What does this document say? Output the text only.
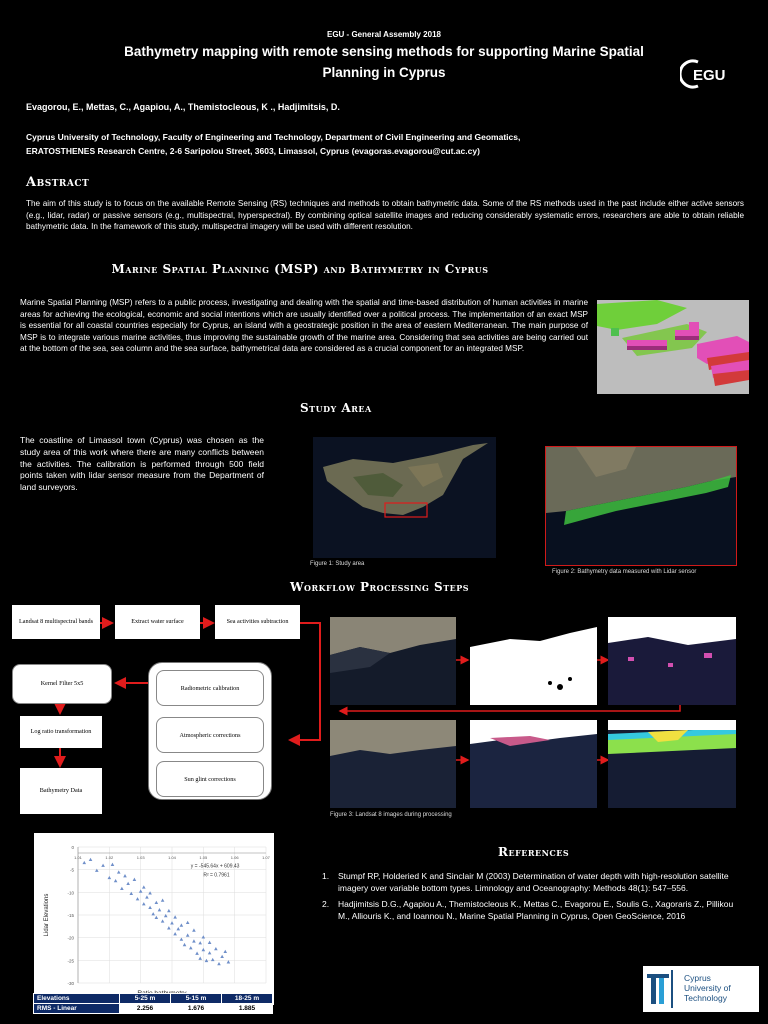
EGU - General Assembly 2018
Bathymetry mapping with remote sensing methods for supporting Marine Spatial Planning in Cyprus	EGU
Evagorou, E., Mettas, C., Agapiou, A., Themistocleous, K ., Hadjimitsis, D.
Cyprus University of Technology, Faculty of Engineering and Technology, Department of Civil Engineering and Geomatics,
ERATOSTHENES Research Centre, 2-6 Saripolou Street, 3603, Limassol, Cyprus (evagoras.evagorou@cut.ac.cy)
Abstract
The aim of this study is to focus on the available Remote Sensing (RS) techniques and methods to obtain bathymetric data. Some of the RS methods used in the past include either active sensors (e.g., lidar, radar) or passive sensors (e.g., multispectral, hyperspectral). By combining optical satellite images and reducing considerably systematic errors, researchers are able to obtain reliable bathymetric data. In the framework of this study, multispectral imagery will be used with different resolution.
Marine Spatial Planning (MSP) and Bathymetry in Cyprus
Marine Spatial Planning (MSP) refers to a public process, investigating and dealing with the spatial and time-based distribution of human activities in marine areas for achieving the ecological, economic and social intentions which are usually identified over a political process. The implementation of an exact MSP is essential for all coastal countries especially for Cyprus, an island with a geostrategic position in the area of eastern Mediterranean. The main purpose of MSP is to integrate various marine activities, thus improving the sustainable growth of the marine area. Considering that sea activities are being carried out at the bottom of the sea, sea column and the sea surface, bathymetrical data are considered as a crucial component for an integrated MSP.
Study Area
The coastline of Limassol town (Cyprus) was chosen as the study area of this work where there are many conflicts between the activities. The calibration is performed through 500 field points taken with lidar sensor measure from the Department of land surveyors.
Figure 1: Study area
Figure 2: Bathymetry data measured with Lidar sensor
Workflow Processing Steps
Landsat 8 multispectral bands	Extract water surface	Sea activities subtraction
Kernel Filter 5x5
Log ratio transformation
Bathymetry Data
Radiometric calibration
Atmospheric corrections
Sun glint corrections
Figure 3: Landsat 8 images during processing
0
-5
-10
-15
-20
-25
-30
1.01	1.02	1.03	1.04	1.05	1.06	1.07
y = -545.64x + 609.43
R² = 0.7961
Lidar Elevations
Elevations	5-25 m	5-15 m	18-25 m
RMS - Linear	2.256	1.676	1.885
References
1.	Stumpf RP, Holderied K and Sinclair M (2003) Determination of water depth with high-resolution satellite imagery over variable bottom types. Limnology and Oceanography: Methods 48(1): 547–556.
2.	Hadjimitsis D.G., Agapiou A., Themistocleous K., Mettas C., Evagorou E., Soulis G., Xagoraris Z., Pillikou M., Alliouris K., and Ioannou N., Marine Spatial Planning in Cyprus, Open GeoScience, 2016
Cyprus
University of
Technology
